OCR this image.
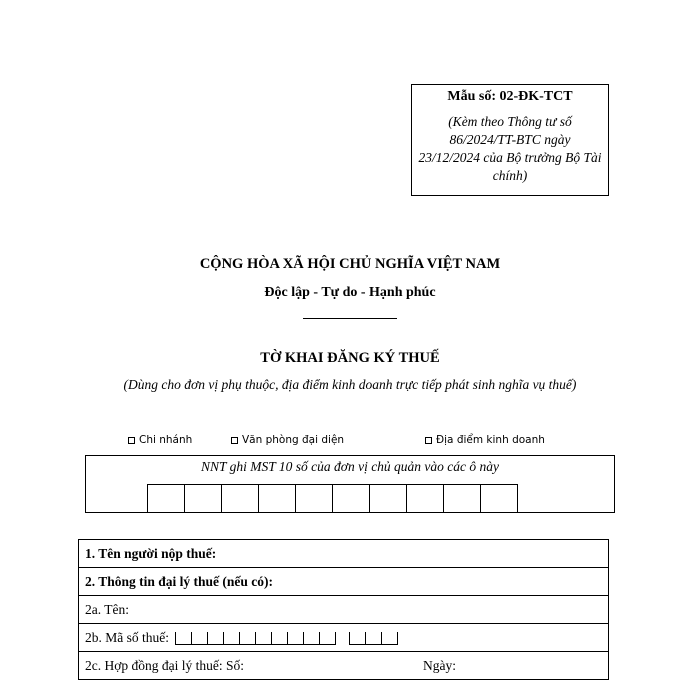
Mẫu số: 02-ĐK-TCT
(Kèm theo Thông tư số 86/2024/TT-BTC ngày 23/12/2024 của Bộ trưởng Bộ Tài chính)
CỘNG HÒA XÃ HỘI CHỦ NGHĨA VIỆT NAM
Độc lập - Tự do - Hạnh phúc
TỜ KHAI ĐĂNG KÝ THUẾ
(Dùng cho đơn vị phụ thuộc, địa điểm kinh doanh trực tiếp phát sinh nghĩa vụ thuế)
Chi nhánh	Văn phòng đại diện	Địa điểm kinh doanh
NNT ghi MST 10 số của đơn vị chủ quản vào các ô này
1. Tên người nộp thuế:
2. Thông tin đại lý thuế (nếu có):
2a. Tên:
2b. Mã số thuế:

2c. Hợp đồng đại lý thuế: Số:	Ngày:
